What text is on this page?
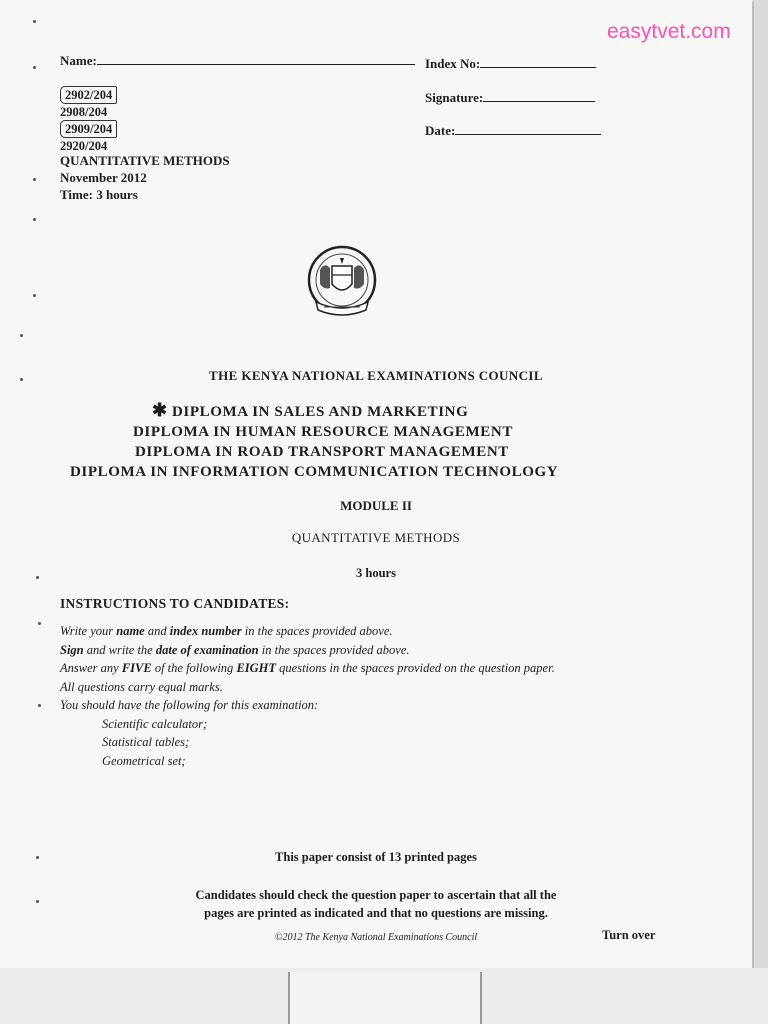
easytvet.com
Name:	Index No:
Signature:
Date:
2902/204
2908/204
2909/204
2920/204
QUANTITATIVE METHODS
November 2012
Time: 3 hours
THE KENYA NATIONAL EXAMINATIONS COUNCIL
✱ DIPLOMA IN SALES AND MARKETING
DIPLOMA IN HUMAN RESOURCE MANAGEMENT
DIPLOMA IN ROAD TRANSPORT MANAGEMENT
DIPLOMA IN INFORMATION COMMUNICATION TECHNOLOGY
MODULE II
QUANTITATIVE METHODS
3 hours
INSTRUCTIONS TO CANDIDATES:

Write your name and index number in the spaces provided above.

Sign and write the date of examination in the spaces provided above.

Answer any FIVE of the following EIGHT questions in the spaces provided on the question paper.

All questions carry equal marks.

You should have the following for this examination:

Scientific calculator;

Statistical tables;

Geometrical set;

This paper consist of 13 printed pages
Candidates should check the question paper to ascertain that all the
pages are printed as indicated and that no questions are missing.
©2012 The Kenya National Examinations Council	Turn over
